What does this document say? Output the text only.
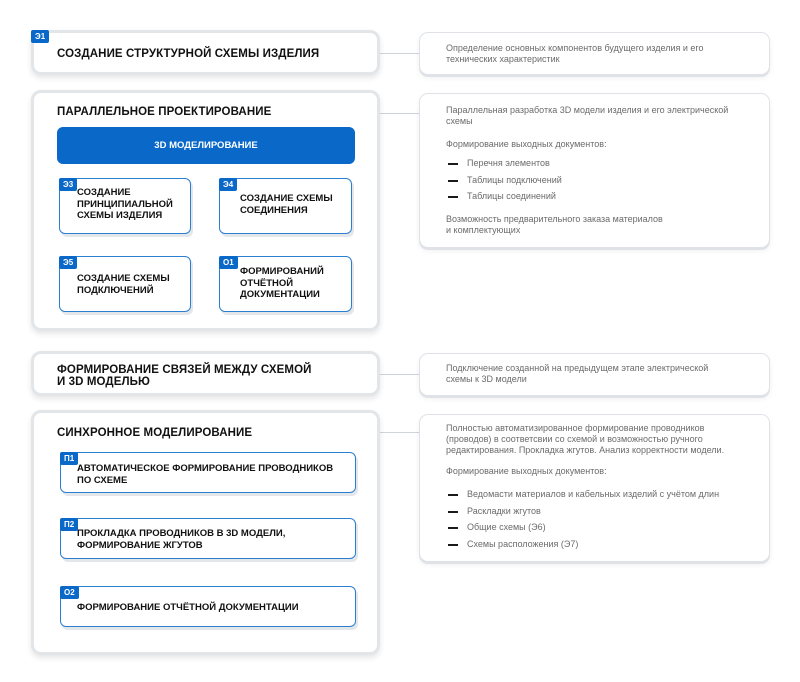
Э1
СОЗДАНИЕ СТРУКТУРНОЙ СХЕМЫ ИЗДЕЛИЯ	Определение основных компонентов будущего изделия и его
технических характеристик
ПАРАЛЛЕЛЬНОЕ ПРОЕКТИРОВАНИЕ
3D МОДЕЛИРОВАНИЕ
Э3
СОЗДАНИЕ
ПРИНЦИПИАЛЬНОЙ
СХЕМЫ ИЗДЕЛИЯ
Э4
СОЗДАНИЕ СХЕМЫ
СОЕДИНЕНИЯ
Э5
СОЗДАНИЕ СХЕМЫ
ПОДКЛЮЧЕНИЙ
О1
ФОРМИРОВАНИЙ
ОТЧЁТНОЙ
ДОКУМЕНТАЦИИ
Параллельная разработка 3D модели изделия и его электрической
схемы
Формирование выходных документов:
Перечня элементов
Таблицы подключений
Таблицы соединений
Возможность предварительного заказа материалов
и комплектующих
ФОРМИРОВАНИЕ СВЯЗЕЙ МЕЖДУ СХЕМОЙ
И 3D МОДЕЛЬЮ
Подключение созданной на предыдущем этапе электрической
схемы к 3D модели
СИНХРОННОЕ МОДЕЛИРОВАНИЕ
П1
АВТОМАТИЧЕСКОЕ ФОРМИРОВАНИЕ ПРОВОДНИКОВ
ПО СХЕМЕ
П2
ПРОКЛАДКА ПРОВОДНИКОВ В 3D МОДЕЛИ,
ФОРМИРОВАНИЕ ЖГУТОВ
О2
ФОРМИРОВАНИЕ ОТЧЁТНОЙ ДОКУМЕНТАЦИИ
Полностью автоматизированное формирование проводников
(проводов) в соответсвии со схемой и возможностью ручного
редактирования. Прокладка жгутов. Анализ корректности модели.
Формирование выходных документов:
Ведомасти материалов и кабельных изделий с учётом длин
Раскладки жгутов
Общие схемы (Э6)
Схемы расположения (Э7)
